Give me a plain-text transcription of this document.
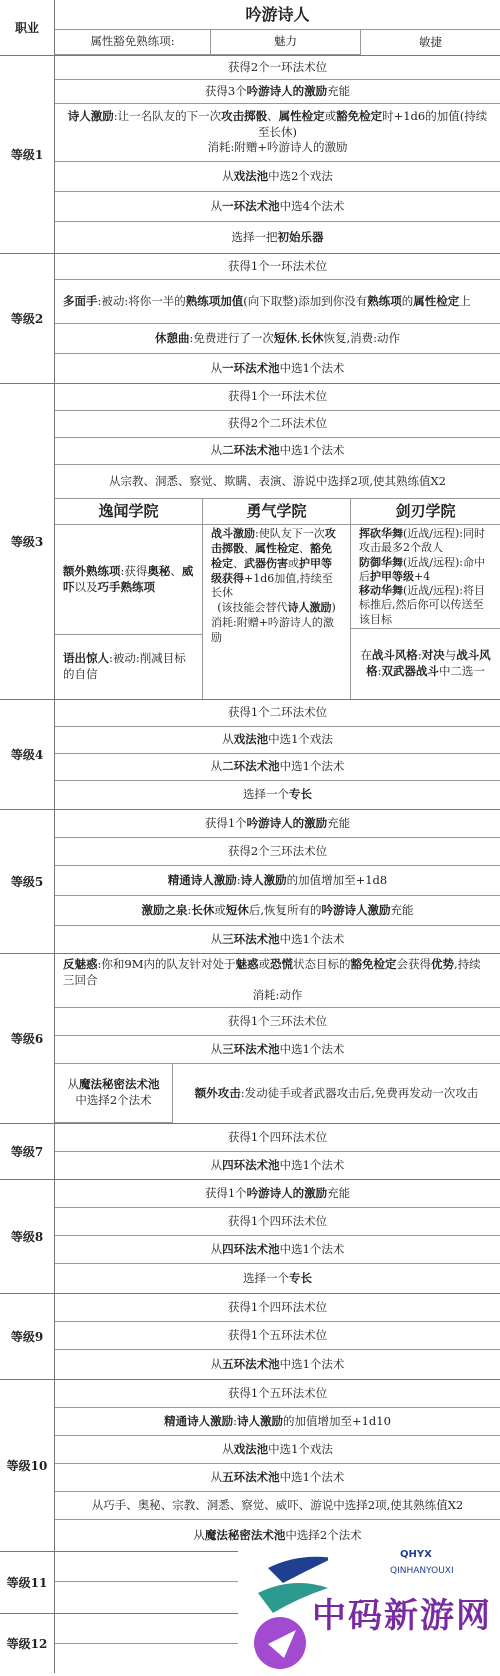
职业
吟游诗人
属性豁免熟练项:	魅力	敏捷
等级1
获得2个一环法术位
获得3个 吟游诗人的激励 充能
诗人激励:让一名队友的下一次攻击掷骰、属性检定或豁免检定时+1d6的加值(持续至长休)
消耗:附赠+吟游诗人的激励
从 戏法池 中选2个戏法
从 一环法术池 中选4个法术
选择一把 初始乐器
等级2
获得1个一环法术位
多面手:被动:将你一半的熟练项加值(向下取整)添加到你没有熟练项的属性检定上
休憩曲:免费进行了一次短休,长休恢复,消费:动作
从 一环法术池 中选1个法术
等级3
获得1个一环法术位
获得2个二环法术位
从 二环法术池 中选1个法术
从宗教、洞悉、察觉、欺瞒、表演、游说中选择2项,使其熟练值X2
逸闻学院
额外熟练项:获得奥秘、威吓以及巧手熟练项
语出惊人:被动:削减目标的自信
勇气学院
战斗激励:使队友下一次攻击掷骰、属性检定、豁免检定、武器伤害或护甲等级获得+1d6加值,持续至长休
(该技能会替代诗人激励)
消耗:附赠+吟游诗人的激励
剑刃学院
挥砍华舞(近战/远程):同时攻击最多2个敌人
防御华舞(近战/远程):命中后护甲等级+4
移动华舞(近战/远程):将目标推后,然后你可以传送至该目标
在战斗风格:对决与战斗风格:双武器战斗中二选一
等级4
获得1个二环法术位
从 戏法池 中选1个戏法
从 二环法术池 中选1个法术
选择一个 专长
等级5
获得1个 吟游诗人的激励 充能
获得2个三环法术位
精通诗人激励 : 诗人激励 的加值增加至+1d8
激励之泉:长休或短休后,恢复所有的吟游诗人激励充能
从 三环法术池 中选1个法术
等级6
反魅惑:你和9M内的队友针对处于魅惑或恐慌状态目标的豁免检定会获得优势,持续三回合
消耗:动作
获得1个三环法术位
从 三环法术池 中选1个法术
从魔法秘密法术池中选择2个法术
额外攻击:发动徒手或者武器攻击后,免费再发动一次攻击
等级7
获得1个四环法术位
从 四环法术池 中选1个法术
等级8
获得1个 吟游诗人的激励 充能
获得1个四环法术位
从 四环法术池 中选1个法术
选择一个 专长
等级9
获得1个四环法术位
获得1个五环法术位
从 五环法术池 中选1个法术
等级10
获得1个五环法术位
精通诗人激励 : 诗人激励 的加值增加至+1d10
从 戏法池 中选1个戏法
从 五环法术池 中选1个法术
从巧手、奥秘、宗教、洞悉、察觉、威吓、游说中选择2项,使其熟练值X2
从 魔法秘密法术池 中选择2个法术
等级11
等级12
QHYX
QINHANYOUXI
中码新游网
